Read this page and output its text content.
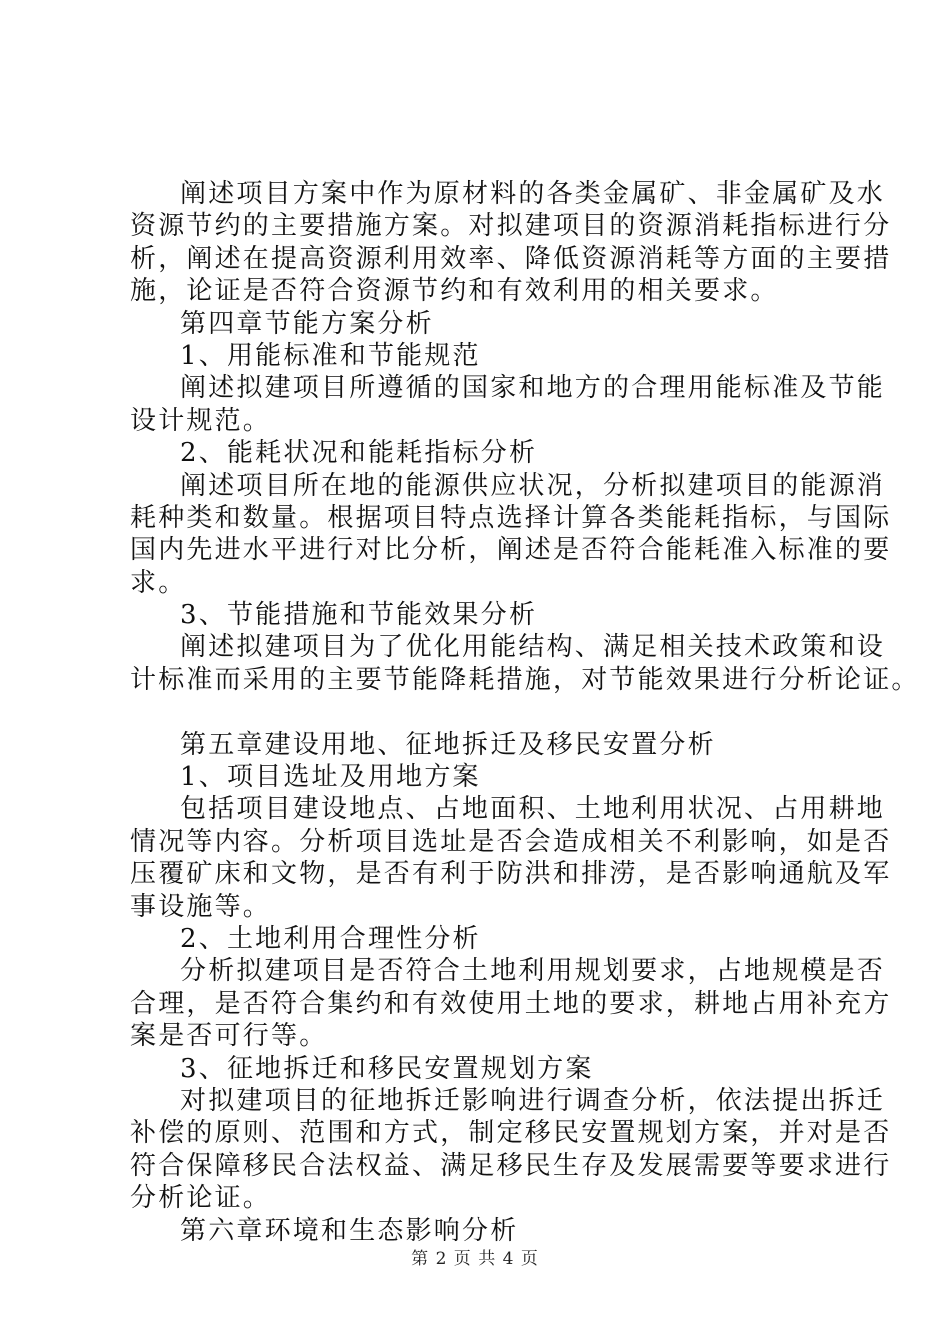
阐述项目方案中作为原材料的各类金属矿、非金属矿及水
资源节约的主要措施方案。对拟建项目的资源消耗指标进行分
析，阐述在提高资源利用效率、降低资源消耗等方面的主要措
施，论证是否符合资源节约和有效利用的相关要求。
第四章节能方案分析
1、用能标准和节能规范
阐述拟建项目所遵循的国家和地方的合理用能标准及节能
设计规范。
2、能耗状况和能耗指标分析
阐述项目所在地的能源供应状况，分析拟建项目的能源消
耗种类和数量。根据项目特点选择计算各类能耗指标，与国际
国内先进水平进行对比分析，阐述是否符合能耗准入标准的要
求。
3、节能措施和节能效果分析
阐述拟建项目为了优化用能结构、满足相关技术政策和设
计标准而采用的主要节能降耗措施，对节能效果进行分析论证。
第五章建设用地、征地拆迁及移民安置分析
1、项目选址及用地方案
包括项目建设地点、占地面积、土地利用状况、占用耕地
情况等内容。分析项目选址是否会造成相关不利影响，如是否
压覆矿床和文物，是否有利于防洪和排涝，是否影响通航及军
事设施等。
2、土地利用合理性分析
分析拟建项目是否符合土地利用规划要求，占地规模是否
合理，是否符合集约和有效使用土地的要求，耕地占用补充方
案是否可行等。
3、征地拆迁和移民安置规划方案
对拟建项目的征地拆迁影响进行调查分析，依法提出拆迁
补偿的原则、范围和方式，制定移民安置规划方案，并对是否
符合保障移民合法权益、满足移民生存及发展需要等要求进行
分析论证。
第六章环境和生态影响分析
第 2 页 共 4 页
